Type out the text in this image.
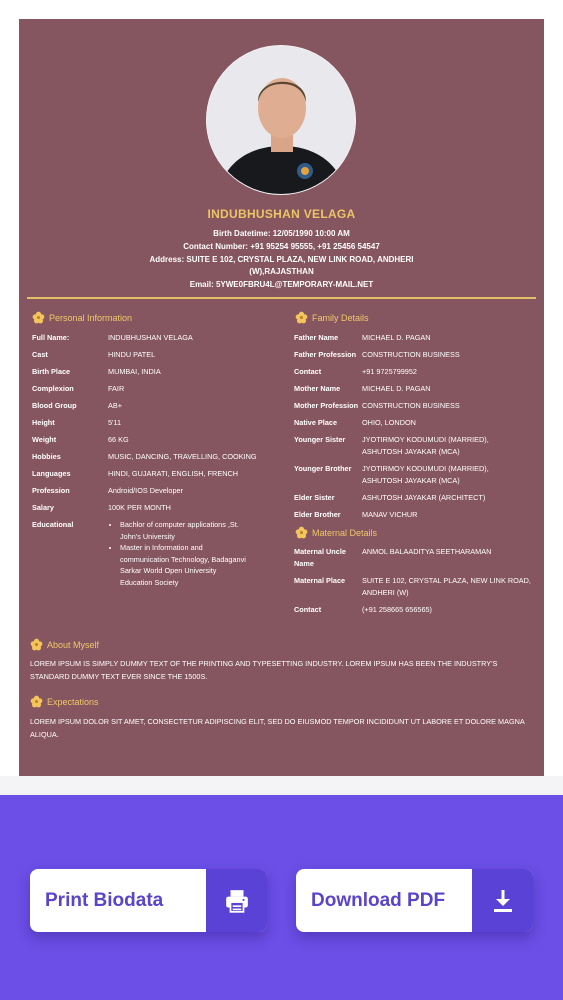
INDUBHUSHAN VELAGA
Birth Datetime: 12/05/1990 10:00 AM
Contact Number: +91 95254 95555, +91 25456 54547
Address: SUITE E 102, CRYSTAL PLAZA, NEW LINK ROAD, ANDHERI
(W),RAJASTHAN
Email: 5YWE0FBRU4L@TEMPORARY-MAIL.NET
Personal Information
Full Name:	INDUBHUSHAN VELAGA
Cast	HINDU PATEL
Birth Place	MUMBAI, INDIA
Complexion	FAIR
Blood Group	AB+
Height	5'11
Weight	66 KG
Hobbies	MUSIC, DANCING, TRAVELLING, COOKING
Languages	HINDI, GUJARATI, ENGLISH, FRENCH
Profession	Android/IOS Developer
Salary	100K PER MONTH
Educational
•	Bachlor of computer applications ,St.
John's University
• Master in Information and
communication Technology, Badaganvi
Sarkar World Open University
Education Society
Family Details
Father Name	MICHAEL D. PAGAN
Father Profession CONSTRUCTION BUSINESS
Contact	+91 9725799952
Mother Name	MICHAEL D. PAGAN
Mother Profession CONSTRUCTION BUSINESS
Native Place	OHIO, LONDON
Younger Sister JYOTIRMOY KODUMUDI (MARRIED),
ASHUTOSH JAYAKAR (MCA)
Younger Brother JYOTIRMOY KODUMUDI (MARRIED),
ASHUTOSH JAYAKAR (MCA)
Elder Sister	ASHUTOSH JAYAKAR (ARCHITECT)
Elder Brother	MANAV VICHUR
Maternal Details
Maternal Uncle
Name
ANMOL BALAADITYA SEETHARAMAN
Maternal Place SUITE E 102, CRYSTAL PLAZA, NEW LINK ROAD,
ANDHERI (W)
Contact	(+91 258665 656565)
About Myself
LOREM IPSUM IS SIMPLY DUMMY TEXT OF THE PRINTING AND TYPESETTING INDUSTRY. LOREM IPSUM HAS BEEN THE INDUSTRY'S
STANDARD DUMMY TEXT EVER SINCE THE 1500S.
Expectations
LOREM IPSUM DOLOR SIT AMET, CONSECTETUR ADIPISCING ELIT, SED DO EIUSMOD TEMPOR INCIDIDUNT UT LABORE ET DOLORE MAGNA
ALIQUA.
Print Biodata	Download PDF
